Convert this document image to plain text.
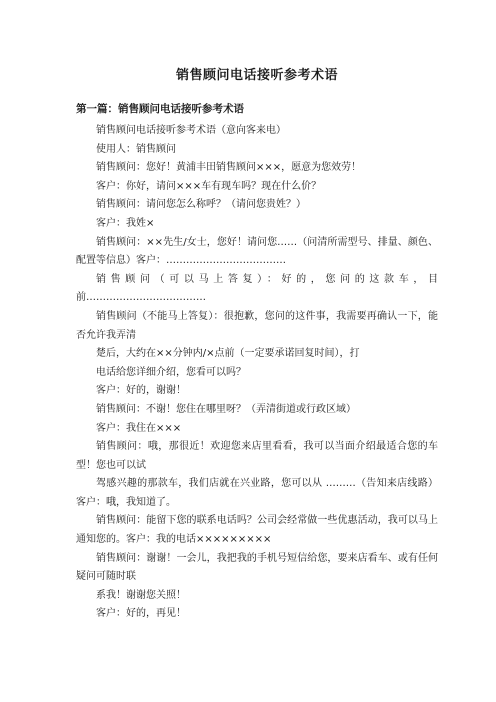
销售顾问电话接听参考术语
第一篇：销售顾问电话接听参考术语

销售顾问电话接听参考术语（意向客来电）

使用人：销售顾问

销售顾问：您好！黄浦丰田销售顾问×××，愿意为您效劳！

客户：你好，请问×××车有现车吗？现在什么价？

销售顾问：请问您怎么称呼？（请问您贵姓？）

客户：我姓×

销售顾问：××先生/女士，您好！请问您……（问清所需型号、排量、颜色、配置等信息）客户：………………………………

销售顾问（可以马上答复）：好的，您问的这款车，目前………………………………

销售顾问（不能马上答复）：很抱歉，您问的这件事，我需要再确认一下，能否允许我弄清

楚后，大约在××分钟内/×点前（一定要承诺回复时间），打

电话给您详细介绍，您看可以吗？

客户：好的，谢谢！

销售顾问：不谢！您住在哪里呀？（弄清街道或行政区域）

客户：我住在×××

销售顾问：哦，那很近！欢迎您来店里看看，我可以当面介绍最适合您的车型！您也可以试

驾感兴趣的那款车，我们店就在兴业路，您可以从 ………（告知来店线路）客户：哦，我知道了。

销售顾问：能留下您的联系电话吗？公司会经常做一些优惠活动，我可以马上通知您的。客户：我的电话×××××××××

销售顾问：谢谢！一会儿，我把我的手机号短信给您，要来店看车、或有任何疑问可随时联

系我！谢谢您关照！

客户：好的，再见！
